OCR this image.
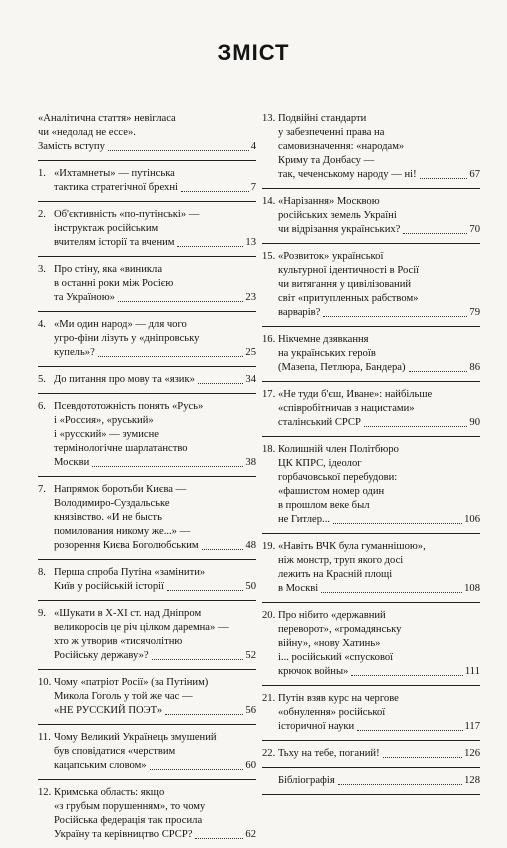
ЗМІСТ
«Аналітична стаття» невігласа
чи «недолад не ессе».
Замість вступу	4
1. «Ихтамнеты» — путінська
тактика стратегічної брехні	7
2. Об'єктивність «по-путінські» —
інструктаж російським
вчителям історії та вченим	13
3. Про стіну, яка «виникла
в останні роки між Росією
та Україною»	23
4. «Ми один народ» — для чого
угро-фіни лізуть у «дніпровську
купель»?	25
5. До питання про мову та «язик»	34
6. Псевдототожність понять «Русь»
і «Россия», «руський»
і «русский» — зумисне
термінологічне шарлатанство
Москви	38
7. Напрямок боротьби Києва —
Володимиро-Суздальське
князівство. «И не бысть
помилования никому же...» —
розорення Києва Боголюбським	48
8. Перша спроба Путіна «замінити»
Київ у російській історії	50
9. «Шукати в Х-ХІ ст. над Дніпром
великоросів це річ цілком даремна» —
хто ж утворив «тисячолітню
Російську державу»?	52
10. Чому «патріот Росії» (за Путіним)
Микола Гоголь у той же час —
«НЕ РУССКИЙ ПОЭТ»	56
11. Чому Великий Українець змушений
був сповідатися «черствим
кацапським словом»	60
12. Кримська область: якщо
«з грубым порушенням», то чому
Російська федерація так просила
Україну та керівництво СРСР?	62
13. Подвійні стандарти
у забезпеченні права на
самовизначення: «народам»
Криму та Донбасу —
так, чеченському народу — ні!	67
14. «Нарізання» Москвою
російських земель Україні
чи відрізання українських?	70
15. «Розвиток» української
культурної ідентичності в Росії
чи витягання у цивілізований
світ «притупленных рабством»
варварів?	79
16. Нікчемне дзявкання
на українських героїв
(Мазепа, Петлюра, Бандера)	86
17. «Не туди б'єш, Иване»: найбільше
«співробітничав з нацистами»
сталінський СРСР	90
18. Колишній член Політбюро
ЦК КПРС, ідеолог
горбачовської перебудови:
«фашистом номер один
в прошлом веке был
не Гитлер...	106
19. «Навіть ВЧК була гуманнішою»,
ніж монстр, труп якого досі
лежить на Красній площі
в Москві	108
20. Про нібито «державний
переворот», «громадянську
війну», «нову Хатинь»
і... російський «спускової
крючок войны»	111
21. Путін взяв курс на чергове
«обнулення» російської
історичної науки	117
22. Тьху на тебе, поганий!	126
Бібліографія	128
